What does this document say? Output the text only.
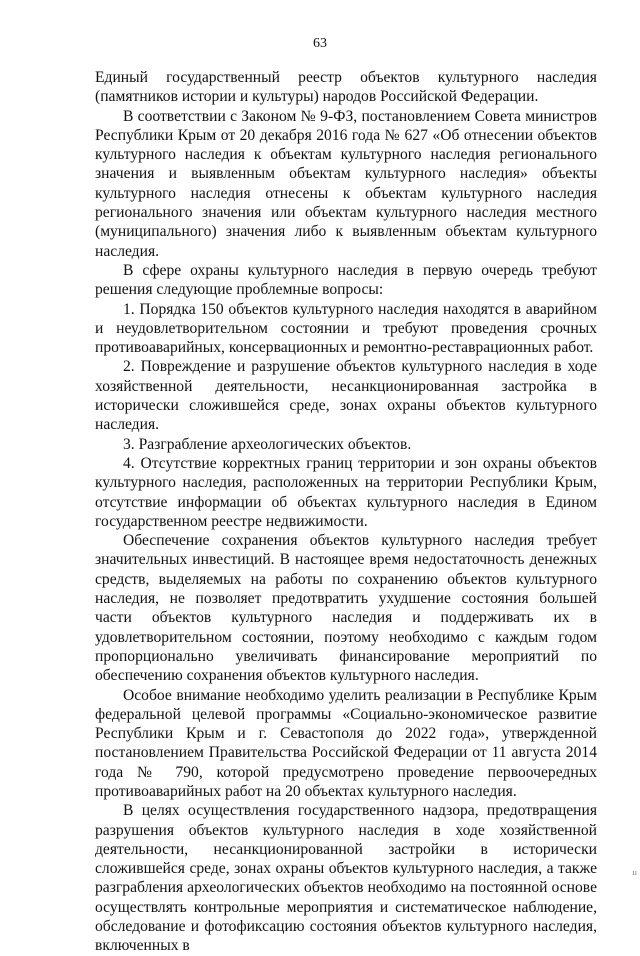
63

Единый государственный реестр объектов культурного наследия (памятников истории и культуры) народов Российской Федерации.

В соответствии с Законом № 9-ФЗ, постановлением Совета министров Республики Крым от 20 декабря 2016 года № 627 «Об отнесении объектов культурного наследия к объектам культурного наследия регионального значения и выявленным объектам культурного наследия» объекты культурного наследия отнесены к объектам культурного наследия регионального значения или объектам культурного наследия местного (муниципального) значения либо к выявленным объектам культурного наследия.

В сфере охраны культурного наследия в первую очередь требуют решения следующие проблемные вопросы:

1. Порядка 150 объектов культурного наследия находятся в аварийном и неудовлетворительном состоянии и требуют проведения срочных противоаварийных, консервационных и ремонтно-реставрационных работ.

2. Повреждение и разрушение объектов культурного наследия в ходе хозяйственной деятельности, несанкционированная застройка в исторически сложившейся среде, зонах охраны объектов культурного наследия.

3. Разграбление археологических объектов.

4. Отсутствие корректных границ территории и зон охраны объектов культурного наследия, расположенных на территории Республики Крым, отсутствие информации об объектах культурного наследия в Едином государственном реестре недвижимости.

Обеспечение сохранения объектов культурного наследия требует значительных инвестиций. В настоящее время недостаточность денежных средств, выделяемых на работы по сохранению объектов культурного наследия, не позволяет предотвратить ухудшение состояния большей части объектов культурного наследия и поддерживать их в удовлетворительном состоянии, поэтому необходимо с каждым годом пропорционально увеличивать финансирование мероприятий по обеспечению сохранения объектов культурного наследия.

Особое внимание необходимо уделить реализации в Республике Крым федеральной целевой программы «Социально-экономическое развитие Республики Крым и г. Севастополя до 2022 года», утвержденной постановлением Правительства Российской Федерации от 11 августа 2014 года № 790, которой предусмотрено проведение первоочередных противоаварийных работ на 20 объектах культурного наследия.

В целях осуществления государственного надзора, предотвращения разрушения объектов культурного наследия в ходе хозяйственной деятельности, несанкционированной застройки в исторически сложившейся среде, зонах охраны объектов культурного наследия, а также разграбления археологических объектов необходимо на постоянной основе осуществлять контрольные мероприятия и систематическое наблюдение, обследование и фотофиксацию состояния объектов культурного наследия, включенных в

ıı
